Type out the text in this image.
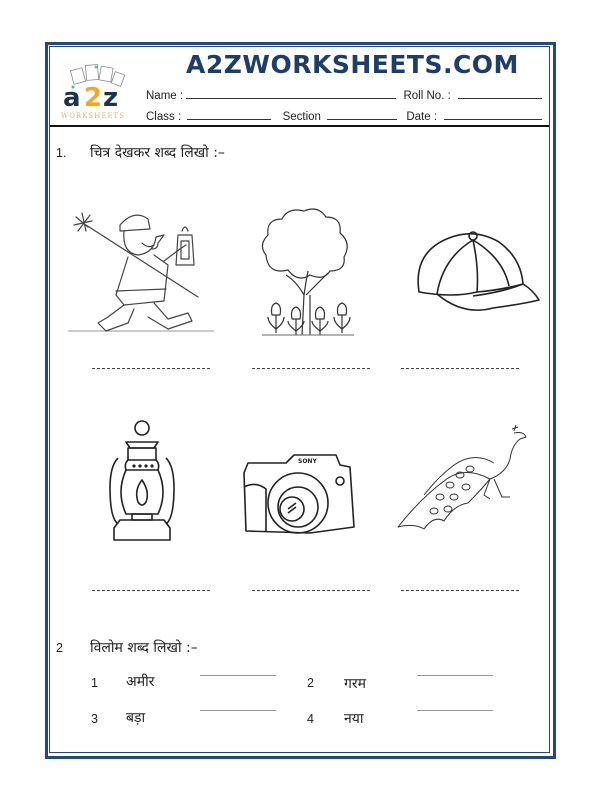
a 2 z
WORKSHEETS
A2ZWORKSHEETS.COM
Name :	Roll No. :
Class :	Section	Date :
1. चित्र देखकर शब्द लिखो :–
SONY
2 विलोम शब्द लिखो :–
1 अमीर	2 गरम
3 बड़ा	4 नया
